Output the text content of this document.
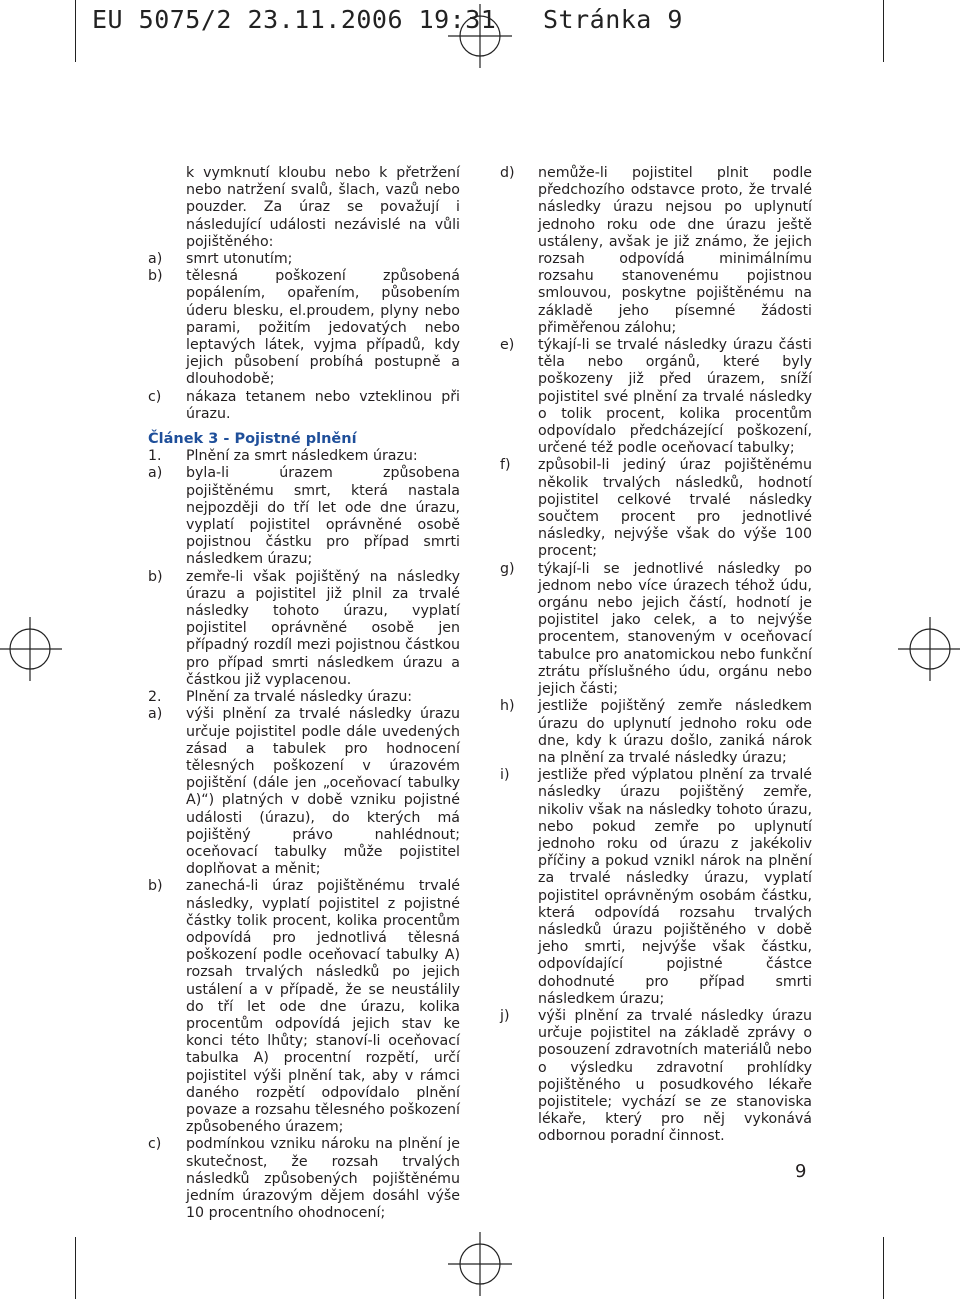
EU 5075/2 23.11.2006 19:31 Stránka 9
k vymknutí kloubu nebo k přetržení nebo natržení svalů, šlach, vazů nebo pouzder. Za úraz se považují i následující události nezávislé na vůli pojištěného:
a)	smrt utonutím;
b)	tělesná poškození způsobená popálením, opařením, působením úderu blesku, el.proudem, plyny nebo parami, požitím jedovatých nebo leptavých látek, vyjma případů, kdy jejich působení probíhá postupně a dlouhodobě;
c)	nákaza tetanem nebo vzteklinou při úrazu.
Článek 3 - Pojistné plnění
1.	Plnění za smrt následkem úrazu:
a)	byla-li úrazem způsobena pojištěnému smrt, která nastala nejpozději do tří let ode dne úrazu, vyplatí pojistitel oprávněné osobě pojistnou částku pro případ smrti následkem úrazu;
b)	zemře-li však pojištěný na následky úrazu a pojistitel již plnil za trvalé následky tohoto úrazu, vyplatí pojistitel oprávněné osobě jen případný rozdíl mezi pojistnou částkou pro případ smrti následkem úrazu a částkou již vyplacenou.
2.	Plnění za trvalé následky úrazu:
a)	výši plnění za trvalé následky úrazu určuje pojistitel podle dále uvedených zásad a tabulek pro hodnocení tělesných poškození v úrazovém pojištění (dále jen „oceňovací tabulky A)“) platných v době vzniku pojistné události (úrazu), do kterých má pojištěný právo nahlédnout; oceňovací tabulky může pojistitel doplňovat a měnit;
b)	zanechá-li úraz pojištěnému trvalé následky, vyplatí pojistitel z pojistné částky tolik procent, kolika procentům odpovídá pro jednotlivá tělesná poškození podle oceňovací tabulky A) rozsah trvalých následků po jejich ustálení a v případě, že se neustálily do tří let ode dne úrazu, kolika procentům odpovídá jejich stav ke konci této lhůty; stanoví-li oceňovací tabulka A) procentní rozpětí, určí pojistitel výši plnění tak, aby v rámci daného rozpětí odpovídalo plnění povaze a rozsahu tělesného poškození způsobeného úrazem;
c)	podmínkou vzniku nároku na plnění je skutečnost, že rozsah trvalých následků způsobených pojištěnému jedním úrazovým dějem dosáhl výše 10 procentního ohodnocení;
d)	nemůže-li pojistitel plnit podle předchozího odstavce proto, že trvalé následky úrazu nejsou po uplynutí jednoho roku ode dne úrazu ještě ustáleny, avšak je již známo, že jejich rozsah odpovídá minimálnímu rozsahu stanovenému pojistnou smlouvou, poskytne pojištěnému na základě jeho písemné žádosti přiměřenou zálohu;
e)	týkají-li se trvalé následky úrazu části těla nebo orgánů, které byly poškozeny již před úrazem, sníží pojistitel své plnění za trvalé následky o tolik procent, kolika procentům odpovídalo předcházející poškození, určené též podle oceňovací tabulky;
f)	způsobil-li jediný úraz pojištěnému několik trvalých následků, hodnotí pojistitel celkové trvalé následky součtem procent pro jednotlivé následky, nejvýše však do výše 100 procent;
g)	týkají-li se jednotlivé následky po jednom nebo více úrazech téhož údu, orgánu nebo jejich částí, hodnotí je pojistitel jako celek, a to nejvýše procentem, stanoveným v oceňovací tabulce pro anatomickou nebo funkční ztrátu příslušného údu, orgánu nebo jejich části;
h)	jestliže pojištěný zemře následkem úrazu do uplynutí jednoho roku ode dne, kdy k úrazu došlo, zaniká nárok na plnění za trvalé následky úrazu;
i)	jestliže před výplatou plnění za trvalé následky úrazu pojištěný zemře, nikoliv však na následky tohoto úrazu, nebo pokud zemře po uplynutí jednoho roku od úrazu z jakékoliv příčiny a pokud vznikl nárok na plnění za trvalé následky úrazu, vyplatí pojistitel oprávněným osobám částku, která odpovídá rozsahu trvalých následků úrazu pojištěného v době jeho smrti, nejvýše však částku, odpovídající pojistné částce dohodnuté pro případ smrti následkem úrazu;
j)	výši plnění za trvalé následky úrazu určuje pojistitel na základě zprávy o posouzení zdravotních materiálů nebo o výsledku zdravotní prohlídky pojištěného u posudkového lékaře pojistitele; vychází se ze stanoviska lékaře, který pro něj vykonává odbornou poradní činnost.
9
